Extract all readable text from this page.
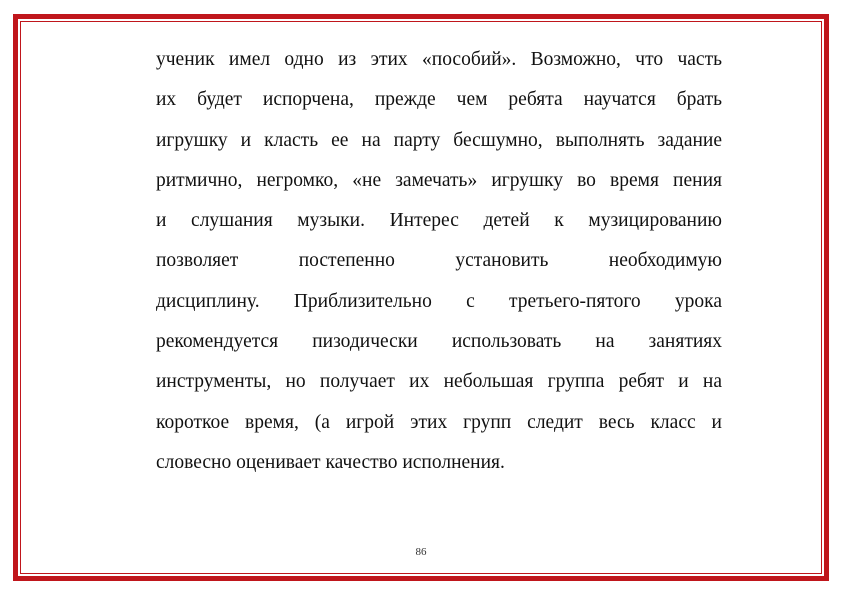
ученик имел одно из этих «пособий». Возможно, что часть
их будет испорчена, прежде чем ребята научатся брать
игрушку и класть ее на парту бесшумно, выполнять задание
ритмично, негромко, «не замечать» игрушку во время пения
и слушания музыки. Интерес детей к музицированию
позволяет постепенно установить необходимую
дисциплину. Приблизительно с третьего-пятого урока
рекомендуется пизодически использовать на занятиях
инструменты, но получает их небольшая группа ребят и на
короткое время, (а игрой этих групп следит весь класс и
словесно оценивает качество исполнения.
86
